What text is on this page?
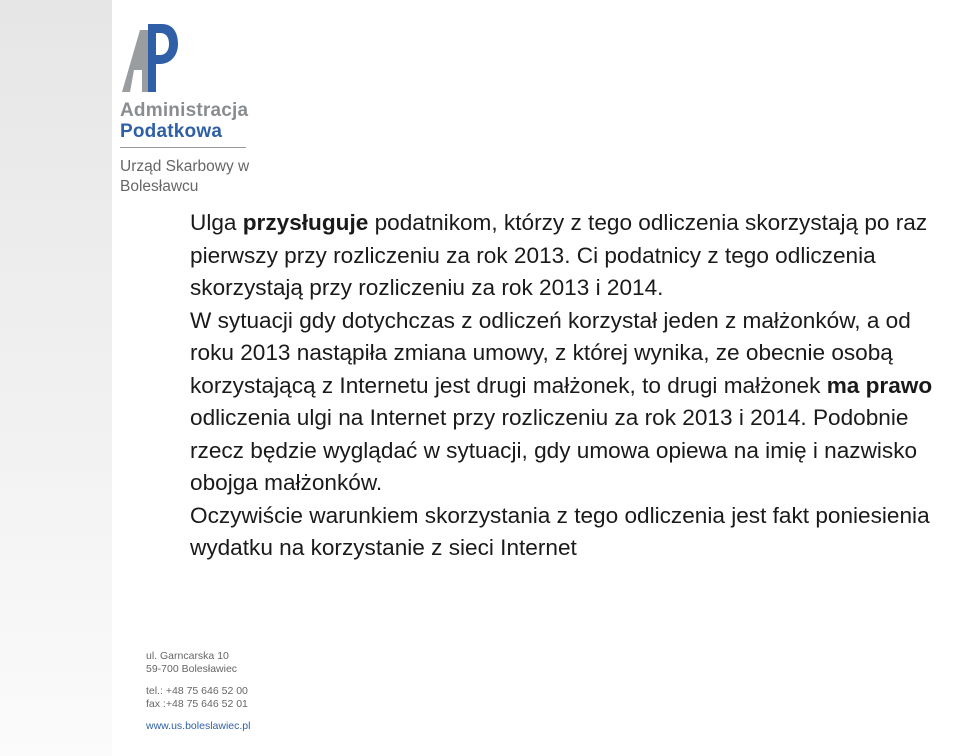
Administracja
Podatkowa
Urząd Skarbowy w
Bolesławcu

Ulga przysługuje podatnikom, którzy z tego odliczenia skorzystają po raz pierwszy przy rozliczeniu za rok 2013. Ci podatnicy z tego odliczenia skorzystają przy rozliczeniu za rok 2013 i 2014.

W sytuacji gdy dotychczas z odliczeń korzystał jeden z małżonków, a od roku 2013 nastąpiła zmiana umowy, z której wynika, ze obecnie osobą korzystającą z Internetu jest drugi małżonek, to drugi małżonek ma prawo odliczenia ulgi na Internet przy rozliczeniu za rok 2013 i 2014. Podobnie rzecz będzie wyglądać w sytuacji, gdy umowa opiewa na imię i nazwisko obojga małżonków.

Oczywiście warunkiem skorzystania z tego odliczenia jest fakt poniesienia wydatku na korzystanie z sieci Internet

ul. Garncarska 10
59-700 Bolesławiec
tel.: +48 75 646 52 00
fax :+48 75 646 52 01
www.us.boleslawiec.pl
